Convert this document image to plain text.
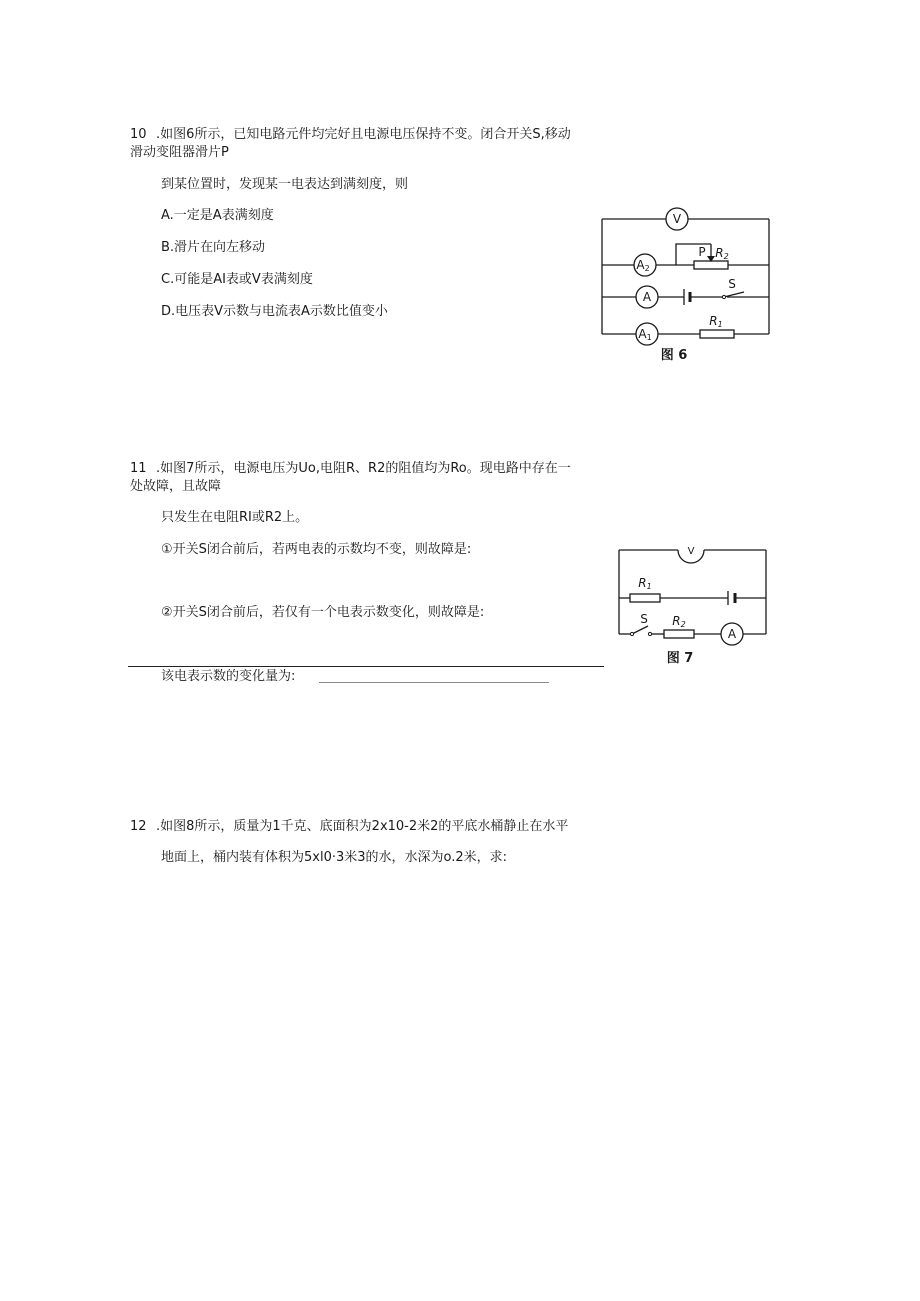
10 .如图6所示，已知电路元件均完好且电源电压保持不变。闭合开关S,移动
滑动变阻器滑片P
到某位置时，发现某一电表达到满刻度，则
A.一定是A表满刻度
B.滑片在向左移动
C.可能是AI表或V表满刻度
D.电压表V示数与电流表A示数比值变小
V
A2
P R2
A
S
A1
R1
图 6
11 .如图7所示，电源电压为Uo,电阻R、R2的阻值均为Ro。现电路中存在一
处故障，且故障
只发生在电阻RI或R2上。
①开关S闭合前后，若两电表的示数均不变，则故障是:
②开关S闭合前后，若仅有一个电表示数变化，则故障是:
该电表示数的变化量为:
V
R1
S R2
A
图 7
12 .如图8所示，质量为1千克、底面积为2x10-2米2的平底水桶静止在水平
地面上，桶内装有体积为5xl0·3米3的水，水深为o.2米，求:
